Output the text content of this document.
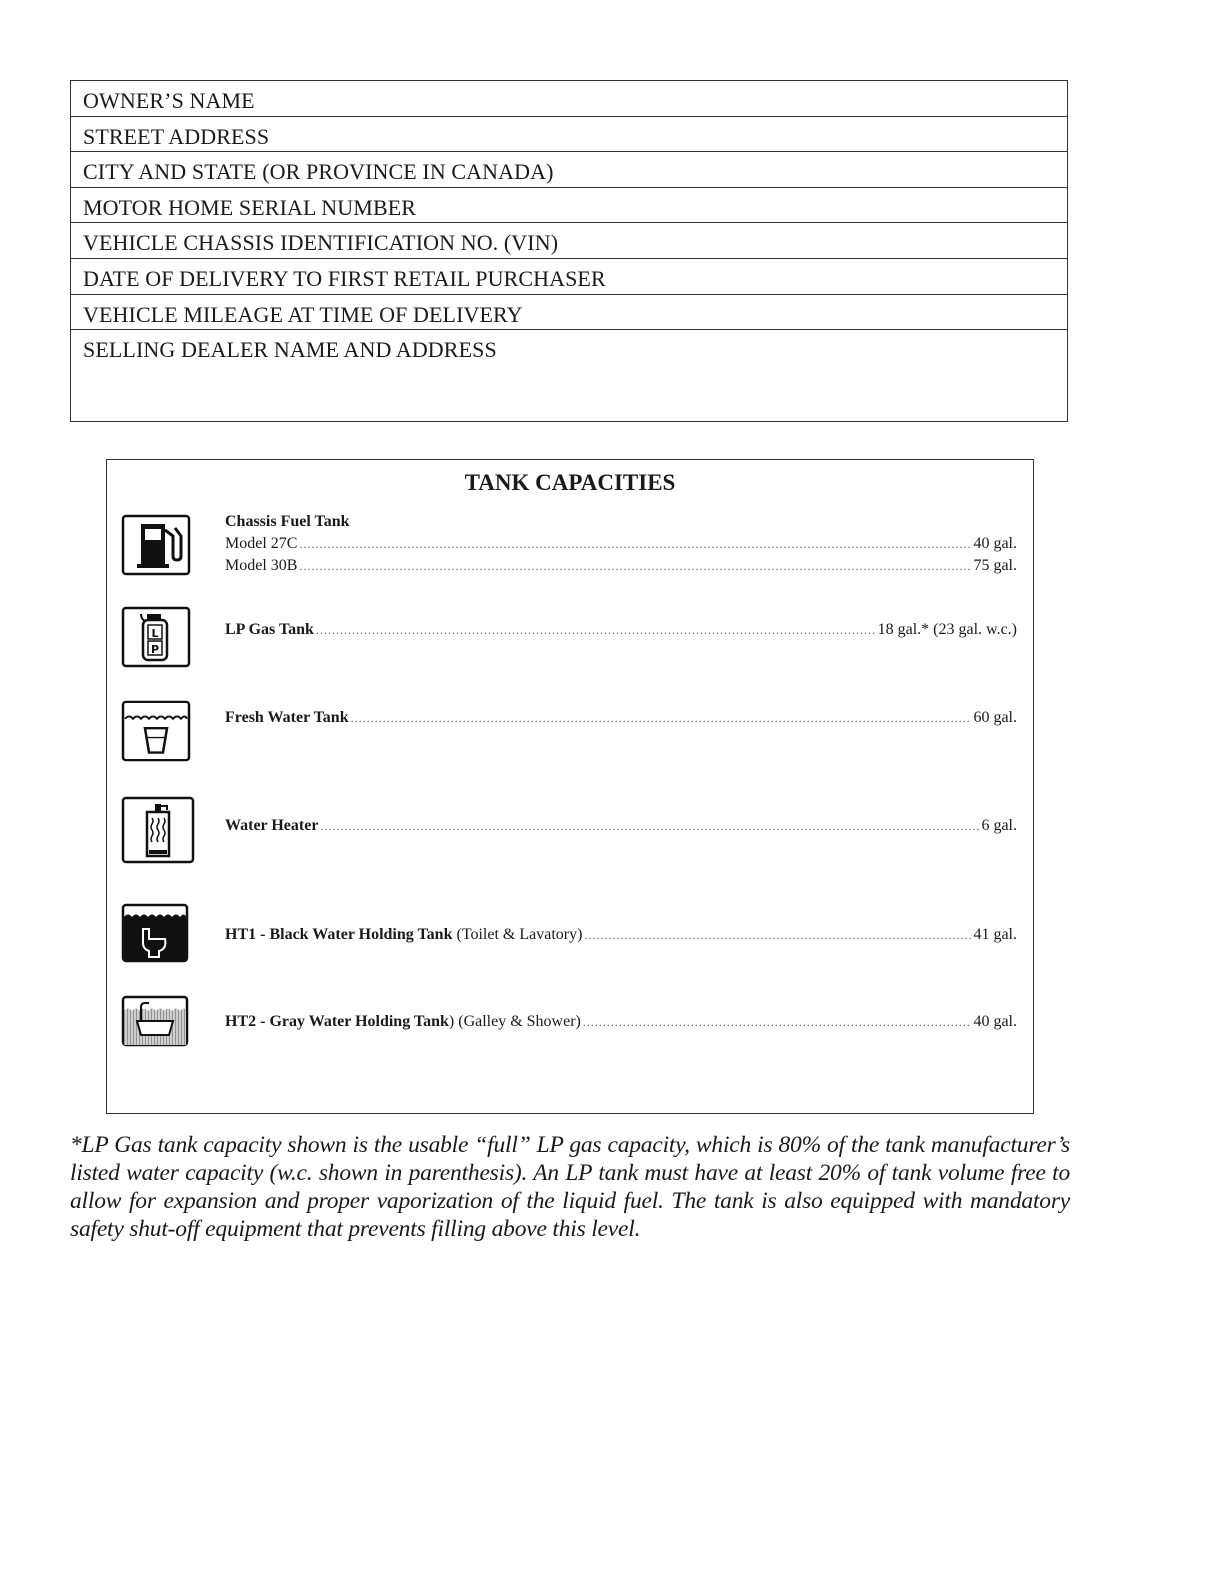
OWNER’S NAME
STREET ADDRESS
CITY AND STATE (OR PROVINCE IN CANADA)
MOTOR HOME SERIAL NUMBER
VEHICLE CHASSIS IDENTIFICATION NO. (VIN)
DATE OF DELIVERY TO FIRST RETAIL PURCHASER
VEHICLE MILEAGE AT TIME OF DELIVERY
SELLING DEALER NAME AND ADDRESS
TANK CAPACITIES
Chassis Fuel Tank
Model 27C .....	40 gal.
Model 30B .....	75 gal.
L
P
LP Gas Tank .....	18 gal.* (23 gal. w.c.)
Fresh Water Tank .....	60 gal.
Water Heater .....	6 gal.
HT1 - Black Water Holding Tank (Toilet & Lavatory) .....	41 gal.
HT2 - Gray Water Holding Tank) (Galley & Shower) .....	40 gal.
*LP Gas tank capacity shown is the usable “full” LP gas capacity, which is 80% of the tank manufacturer’s listed water capacity (w.c. shown in parenthesis). An LP tank must have at least 20% of tank volume free to allow for expansion and proper vaporization of the liquid fuel. The tank is also equipped with mandatory safety shut-off equipment that prevents filling above this level.
